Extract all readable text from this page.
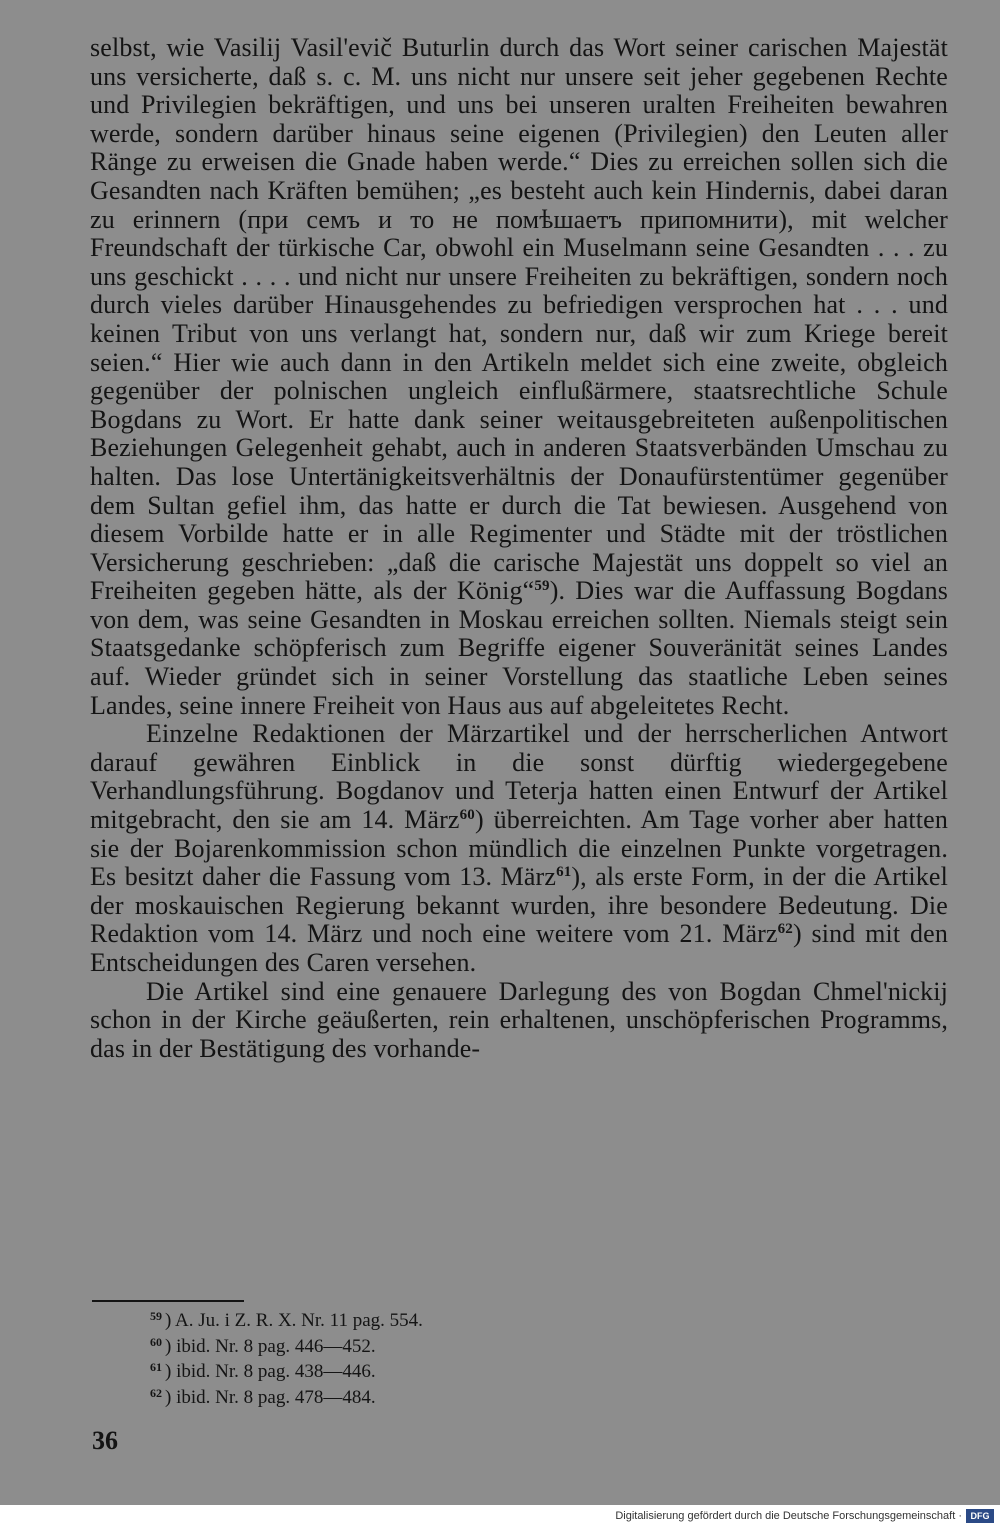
selbst, wie Vasilij Vasil'evič Buturlin durch das Wort seiner carischen Majestät uns versicherte, daß s. c. M. uns nicht nur unsere seit jeher gegebenen Rechte und Privilegien bekräftigen, und uns bei unseren uralten Freiheiten bewahren werde, sondern darüber hinaus seine eigenen (Privilegien) den Leuten aller Ränge zu erweisen die Gnade haben werde.“ Dies zu erreichen sollen sich die Gesandten nach Kräften bemühen; „es besteht auch kein Hindernis, dabei daran zu erinnern (при семъ и то не помѣшаетъ припомнити), mit welcher Freundschaft der türkische Car, obwohl ein Muselmann seine Gesandten . . . zu uns geschickt . . . . und nicht nur unsere Freiheiten zu bekräftigen, sondern noch durch vieles darüber Hinausgehendes zu befriedigen versprochen hat . . . und keinen Tribut von uns verlangt hat, sondern nur, daß wir zum Kriege bereit seien.“ Hier wie auch dann in den Artikeln meldet sich eine zweite, obgleich gegenüber der polnischen ungleich einflußärmere, staatsrechtliche Schule Bogdans zu Wort. Er hatte dank seiner weitausgebreiteten außenpolitischen Beziehungen Gelegenheit gehabt, auch in anderen Staatsverbänden Umschau zu halten. Das lose Untertänigkeitsverhältnis der Donaufürstentümer gegenüber dem Sultan gefiel ihm, das hatte er durch die Tat bewiesen. Ausgehend von diesem Vorbilde hatte er in alle Regimenter und Städte mit der tröstlichen Versicherung geschrieben: „daß die carische Majestät uns doppelt so viel an Freiheiten gegeben hätte, als der König“$^{59}$). Dies war die Auffassung Bogdans von dem, was seine Gesandten in Moskau erreichen sollten. Niemals steigt sein Staatsgedanke schöpferisch zum Begriffe eigener Souveränität seines Landes auf. Wieder gründet sich in seiner Vorstellung das staatliche Leben seines Landes, seine innere Freiheit von Haus aus auf abgeleitetes Recht.

Einzelne Redaktionen der Märzartikel und der herrscherlichen Antwort darauf gewähren Einblick in die sonst dürftig wiedergegebene Verhandlungsführung. Bogdanov und Teterja hatten einen Entwurf der Artikel mitgebracht, den sie am 14. März$^{60}$) überreichten. Am Tage vorher aber hatten sie der Bojarenkommission schon mündlich die einzelnen Punkte vorgetragen. Es besitzt daher die Fassung vom 13. März$^{61}$), als erste Form, in der die Artikel der moskauischen Regierung bekannt wurden, ihre besondere Bedeutung. Die Redaktion vom 14. März und noch eine weitere vom 21. März$^{62}$) sind mit den Entscheidungen des Caren versehen.

Die Artikel sind eine genauere Darlegung des von Bogdan Chmel'nickij schon in der Kirche geäußerten, rein erhaltenen, unschöpferischen Programms, das in der Bestätigung des vorhande-

$^{59}$ ) A. Ju. i Z. R. X. Nr. 11 pag. 554.
$^{60}$ ) ibid. Nr. 8 pag. 446—452.
$^{61}$ ) ibid. Nr. 8 pag. 438—446.
$^{62}$ ) ibid. Nr. 8 pag. 478—484.
36
Digitalisierung gefördert durch die Deutsche Forschungsgemeinschaft · DFG
